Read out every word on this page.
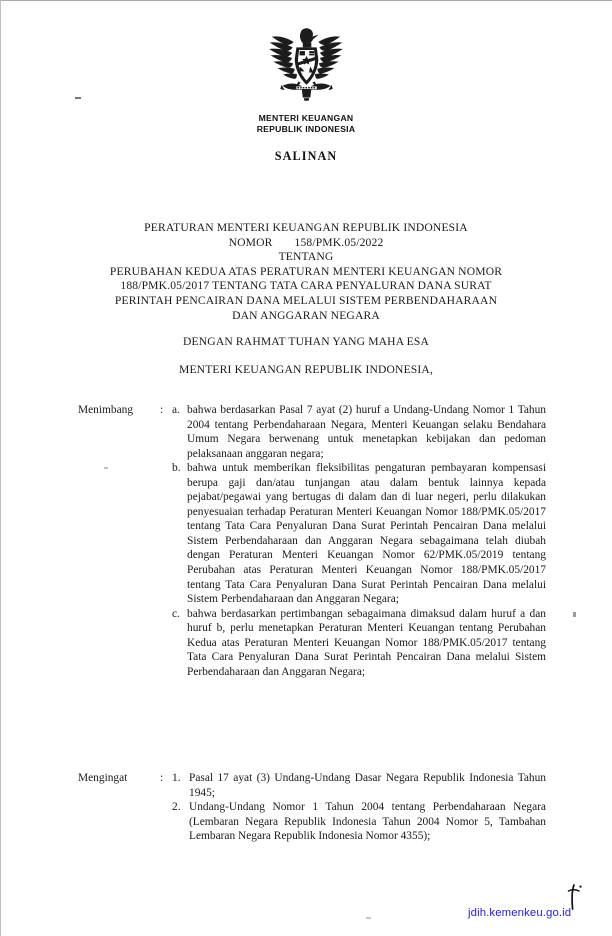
MENTERI KEUANGAN
REPUBLIK INDONESIA
SALINAN
PERATURAN MENTERI KEUANGAN REPUBLIK INDONESIA
NOMOR 158/PMK.05/2022
TENTANG
PERUBAHAN KEDUA ATAS PERATURAN MENTERI KEUANGAN NOMOR
188/PMK.05/2017 TENTANG TATA CARA PENYALURAN DANA SURAT
PERINTAH PENCAIRAN DANA MELALUI SISTEM PERBENDAHARAAN
DAN ANGGARAN NEGARA
DENGAN RAHMAT TUHAN YANG MAHA ESA
MENTERI KEUANGAN REPUBLIK INDONESIA,
Menimbang	: a. bahwa berdasarkan Pasal 7 ayat (2) huruf a Undang-Undang Nomor 1 Tahun 2004 tentang Perbendaharaan Negara, Menteri Keuangan selaku Bendahara Umum Negara berwenang untuk menetapkan kebijakan dan pedoman pelaksanaan anggaran negara;
b. bahwa untuk memberikan fleksibilitas pengaturan pembayaran kompensasi berupa gaji dan/atau tunjangan atau dalam bentuk lainnya kepada pejabat/pegawai yang bertugas di dalam dan di luar negeri, perlu dilakukan penyesuaian terhadap Peraturan Menteri Keuangan Nomor 188/PMK.05/2017 tentang Tata Cara Penyaluran Dana Surat Perintah Pencairan Dana melalui Sistem Perbendaharaan dan Anggaran Negara sebagaimana telah diubah dengan Peraturan Menteri Keuangan Nomor 62/PMK.05/2019 tentang Perubahan atas Peraturan Menteri Keuangan Nomor 188/PMK.05/2017 tentang Tata Cara Penyaluran Dana Surat Perintah Pencairan Dana melalui Sistem Perbendaharaan dan Anggaran Negara;
c. bahwa berdasarkan pertimbangan sebagaimana dimaksud dalam huruf a dan huruf b, perlu menetapkan Peraturan Menteri Keuangan tentang Perubahan Kedua atas Peraturan Menteri Keuangan Nomor 188/PMK.05/2017 tentang Tata Cara Penyaluran Dana Surat Perintah Pencairan Dana melalui Sistem Perbendaharaan dan Anggaran Negara;
Mengingat	: 1. Pasal 17 ayat (3) Undang-Undang Dasar Negara Republik Indonesia Tahun 1945;
2. Undang-Undang Nomor 1 Tahun 2004 tentang Perbendaharaan Negara (Lembaran Negara Republik Indonesia Tahun 2004 Nomor 5, Tambahan Lembaran Negara Republik Indonesia Nomor 4355);
jdih.kemenkeu.go.id
